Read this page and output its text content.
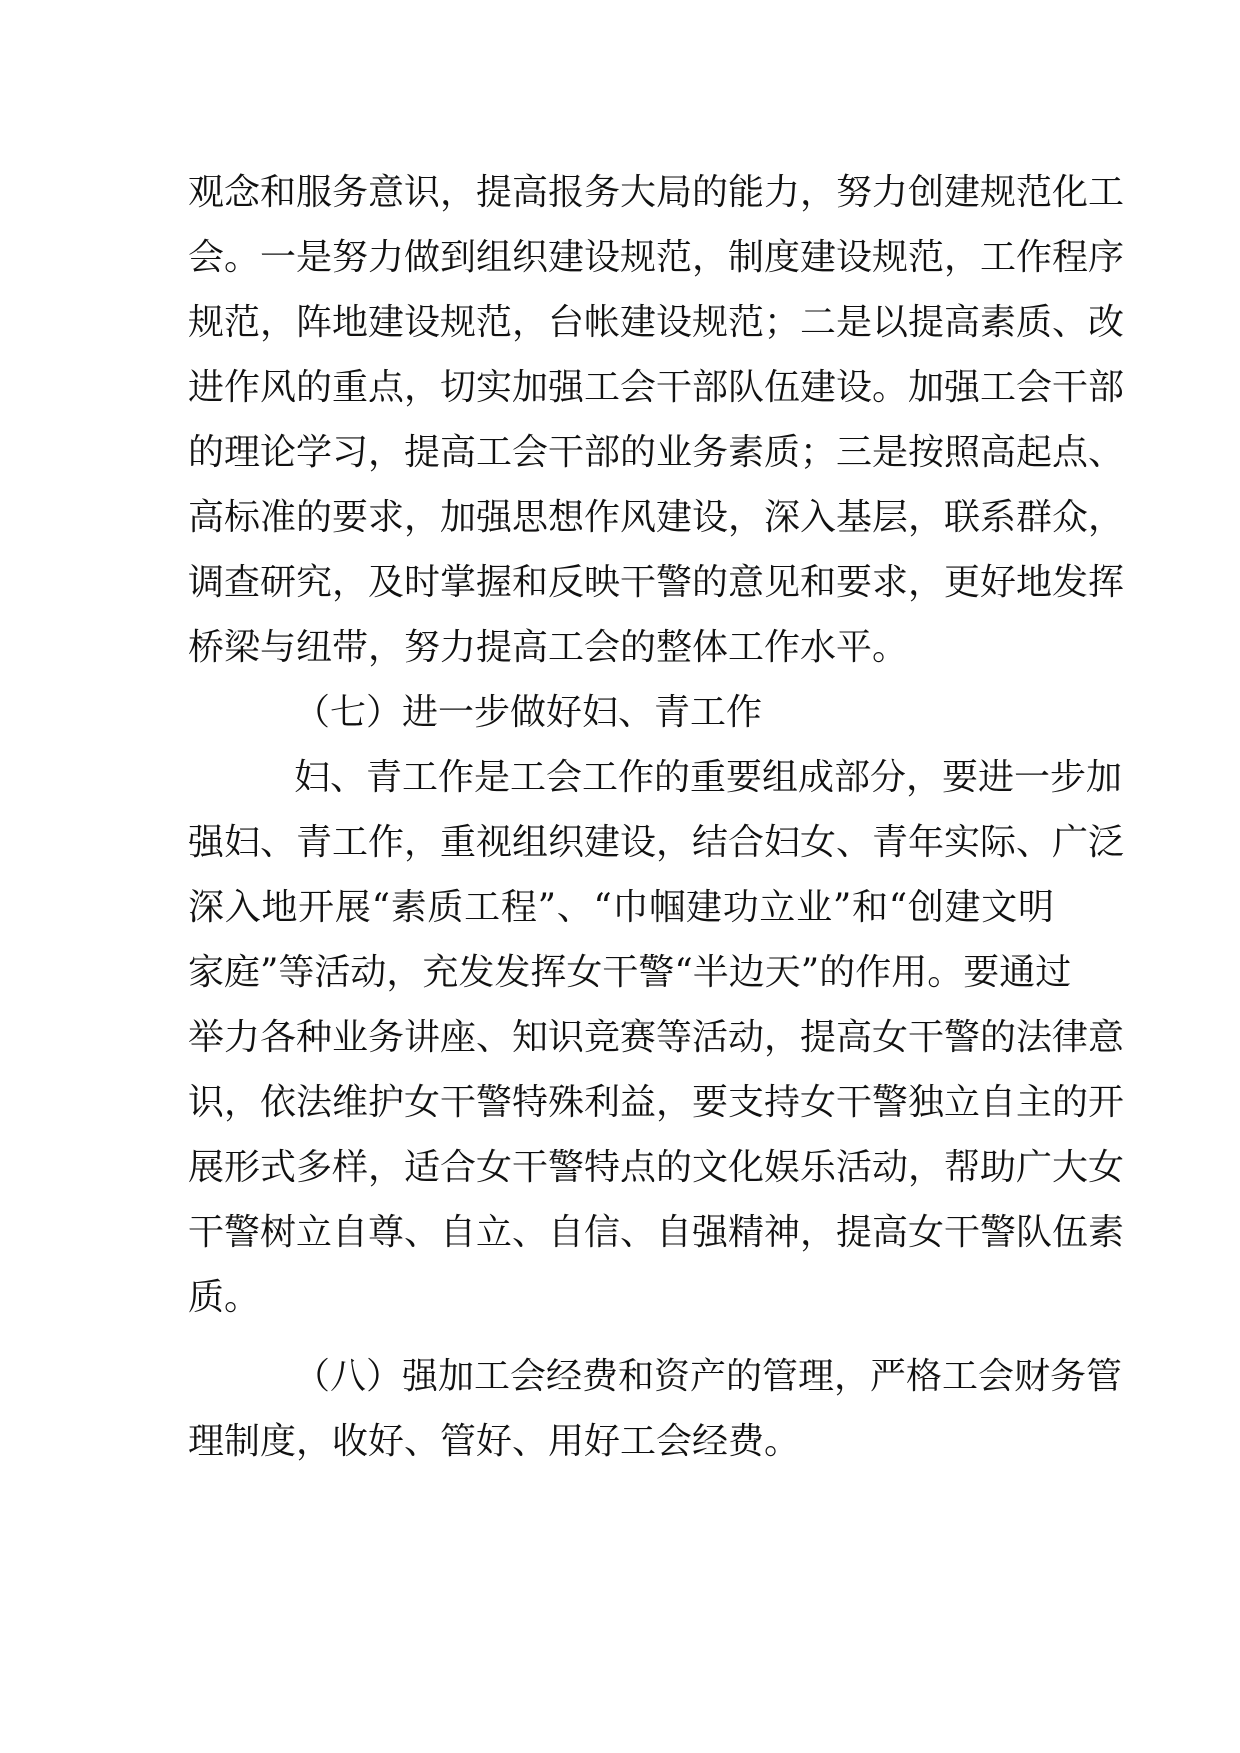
观念和服务意识，提高报务大局的能力，努力创建规范化工
会。一是努力做到组织建设规范，制度建设规范，工作程序
规范，阵地建设规范，台帐建设规范；二是以提高素质、改
进作风的重点，切实加强工会干部队伍建设。加强工会干部
的理论学习，提高工会干部的业务素质；三是按照高起点、
高标准的要求，加强思想作风建设，深入基层，联系群众，
调查研究，及时掌握和反映干警的意见和要求，更好地发挥
桥梁与纽带，努力提高工会的整体工作水平。
（七）进一步做好妇、青工作
妇、青工作是工会工作的重要组成部分，要进一步加
强妇、青工作，重视组织建设，结合妇女、青年实际、广泛
深入地开展“素质工程”、“巾帼建功立业”和“创建文明
家庭”等活动，充发发挥女干警“半边天”的作用。要通过
举力各种业务讲座、知识竞赛等活动，提高女干警的法律意
识，依法维护女干警特殊利益，要支持女干警独立自主的开
展形式多样，适合女干警特点的文化娱乐活动，帮助广大女
干警树立自尊、自立、自信、自强精神，提高女干警队伍素
质。
（八）强加工会经费和资产的管理，严格工会财务管
理制度，收好、管好、用好工会经费。
